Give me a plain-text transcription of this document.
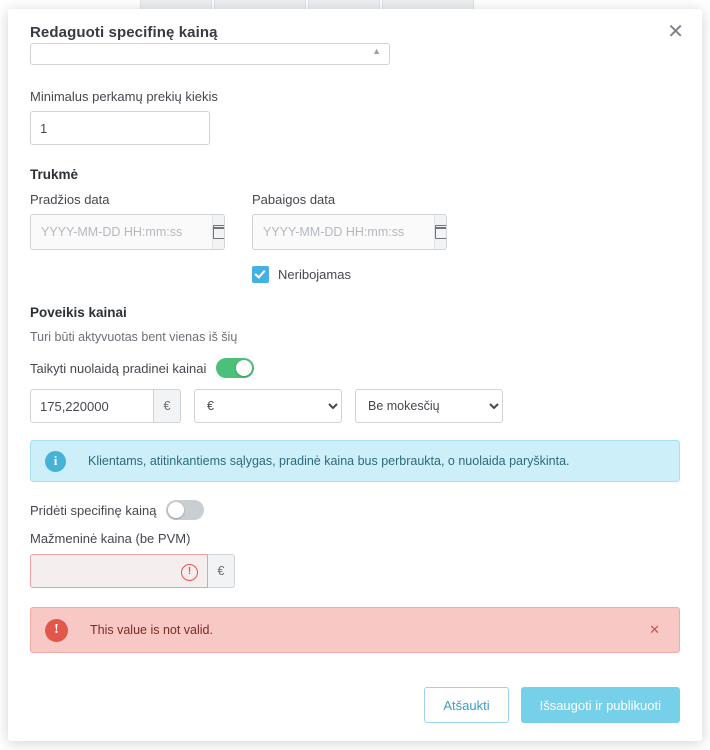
Redaguoti specifinę kainą	✕
▲
Minimalus perkamų prekių kiekis
1
Trukmė
Pradžios data
YYYY-MM-DD HH:mm:ss	Pabaigos data
YYYY-MM-DD HH:mm:ss
Neribojamas
Poveikis kainai
Turi būti aktyvuotas bent vienas iš šių
Taikyti nuolaidą pradinei kainai
175,220000
€
€
Be mokesčių
i	Klientams, atitinkantiems sąlygas, pradinė kaina bus perbraukta, o nuolaida paryškinta.
Pridėti specifinę kainą
Mažmeninė kaina (be PVM)
!	€
!	This value is not valid.	✕
Atšaukti	Išsaugoti ir publikuoti
